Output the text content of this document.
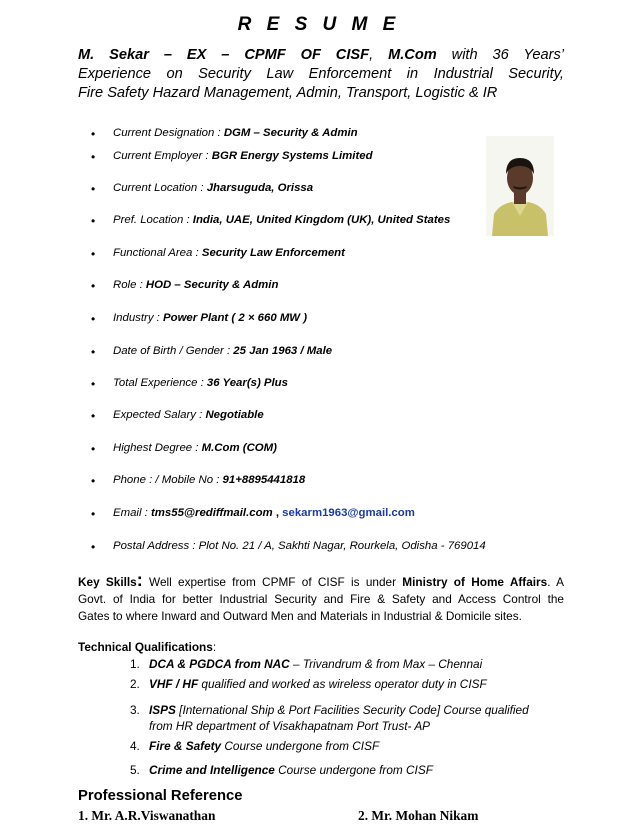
R E S U M E
M. Sekar – EX – CPMF OF CISF, M.Com with 36 Years’
Experience on Security Law Enforcement in Industrial Security,
Fire Safety Hazard Management, Admin, Transport, Logistic & IR
Current Designation : DGM – Security & Admin
Current Employer : BGR Energy Systems Limited
Current Location : Jharsuguda, Orissa
Pref. Location : India, UAE, United Kingdom (UK), United States
Functional Area : Security Law Enforcement
Role : HOD – Security & Admin
Industry : Power Plant ( 2 × 660 MW )
Date of Birth / Gender : 25 Jan 1963 / Male
Total Experience : 36 Year(s) Plus
Expected Salary : Negotiable
Highest Degree : M.Com (COM)
Phone : / Mobile No : 91+8895441818
Email : tms55@rediffmail.com , sekarm1963@gmail.com
Postal Address : Plot No. 21 / A, Sakhti Nagar, Rourkela, Odisha - 769014
Key Skills: Well expertise from CPMF of CISF is under Ministry of Home Affairs. A
Govt. of India for better Industrial Security and Fire & Safety and Access Control the
Gates to where Inward and Outward Men and Materials in Industrial & Domicile sites.
Technical Qualifications:
1. DCA & PGDCA from NAC – Trivandrum & from Max – Chennai
2. VHF / HF qualified and worked as wireless operator duty in CISF
3. ISPS [International Ship & Port Facilities Security Code] Course qualified
from HR department of Visakhapatnam Port Trust- AP
4. Fire & Safety Course undergone from CISF
5. Crime and Intelligence Course undergone from CISF
Professional Reference
1. Mr. A.R.Viswanathan	2. Mr. Mohan Nikam
